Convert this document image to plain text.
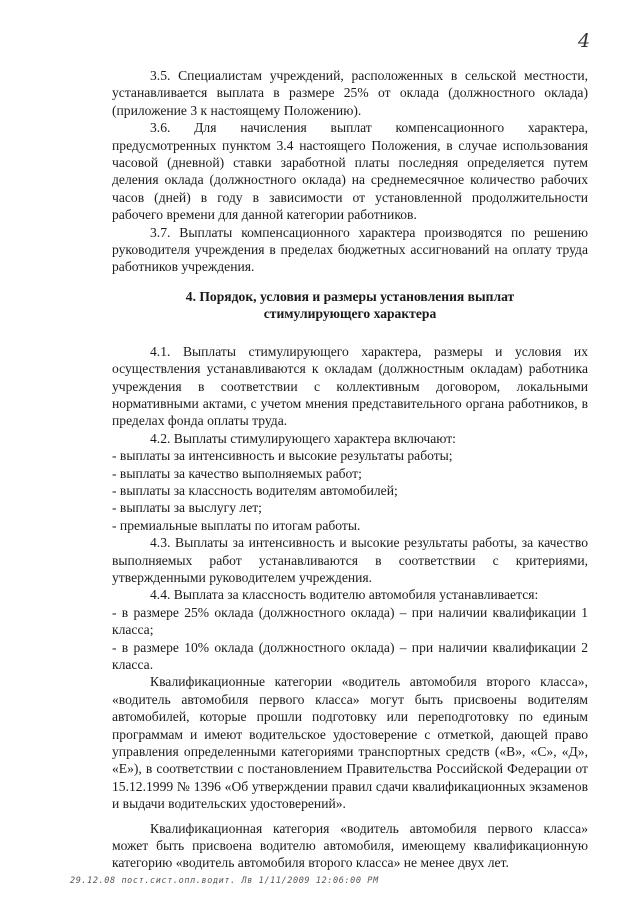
4

3.5. Специалистам учреждений, расположенных в сельской местности, устанавливается выплата в размере 25% от оклада (должностного оклада) (приложение 3 к настоящему Положению).

3.6. Для начисления выплат компенсационного характера, предусмотренных пунктом 3.4 настоящего Положения, в случае использования часовой (дневной) ставки заработной платы последняя определяется путем деления оклада (должностного оклада) на среднемесячное количество рабочих часов (дней) в году в зависимости от установленной продолжительности рабочего времени для данной категории работников.

3.7. Выплаты компенсационного характера производятся по решению руководителя учреждения в пределах бюджетных ассигнований на оплату труда работников учреждения.

4. Порядок, условия и размеры установления выплат
стимулирующего характера

4.1. Выплаты стимулирующего характера, размеры и условия их осуществления устанавливаются к окладам (должностным окладам) работника учреждения в соответствии с коллективным договором, локальными нормативными актами, с учетом мнения представительного органа работников, в пределах фонда оплаты труда.

4.2. Выплаты стимулирующего характера включают:

- выплаты за интенсивность и высокие результаты работы;

- выплаты за качество выполняемых работ;

- выплаты за классность водителям автомобилей;

- выплаты за выслугу лет;

- премиальные выплаты по итогам работы.

4.3. Выплаты за интенсивность и высокие результаты работы, за качество выполняемых работ устанавливаются в соответствии с критериями, утвержденными руководителем учреждения.

4.4. Выплата за классность водителю автомобиля устанавливается:

- в размере 25% оклада (должностного оклада) – при наличии квалификации 1 класса;

- в размере 10% оклада (должностного оклада) – при наличии квалификации 2 класса.

Квалификационные категории «водитель автомобиля второго класса», «водитель автомобиля первого класса» могут быть присвоены водителям автомобилей, которые прошли подготовку или переподготовку по единым программам и имеют водительское удостоверение с отметкой, дающей право управления определенными категориями транспортных средств («В», «С», «Д», «Е»), в соответствии с постановлением Правительства Российской Федерации от 15.12.1999 № 1396 «Об утверждении правил сдачи квалификационных экзаменов и выдачи водительских удостоверений».

Квалификационная категория «водитель автомобиля первого класса» может быть присвоена водителю автомобиля, имеющему квалификационную категорию «водитель автомобиля второго класса» не менее двух лет.

29.12.08 пост.сист.опл.водит. Лв 1/11/2009 12:06:00 PM
